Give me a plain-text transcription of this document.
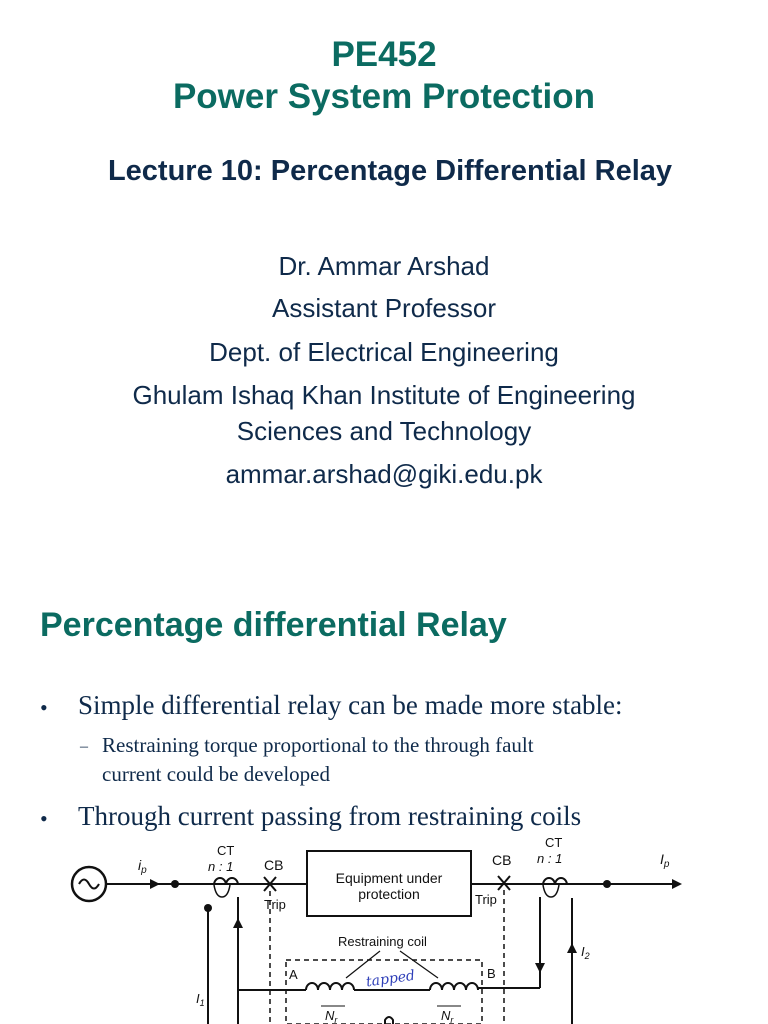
PE452
Power System Protection
Lecture 10: Percentage Differential Relay
Dr. Ammar Arshad
Assistant Professor
Dept. of Electrical Engineering
Ghulam Ishaq Khan Institute of Engineering
Sciences and Technology
ammar.arshad@giki.edu.pk
Percentage differential Relay
• Simple differential relay can be made more stable:
– Restraining torque proportional to the through fault
current could be developed
• Through current passing from restraining coils
$i_p$
$I_p$
CT
n : 1
CT
n : 1
CB	CB
Equipment under
protection
Trip	Trip
$I_1$
$I_2$
Restraining coil
A	B
$N_r$	$N_r$
tapped
